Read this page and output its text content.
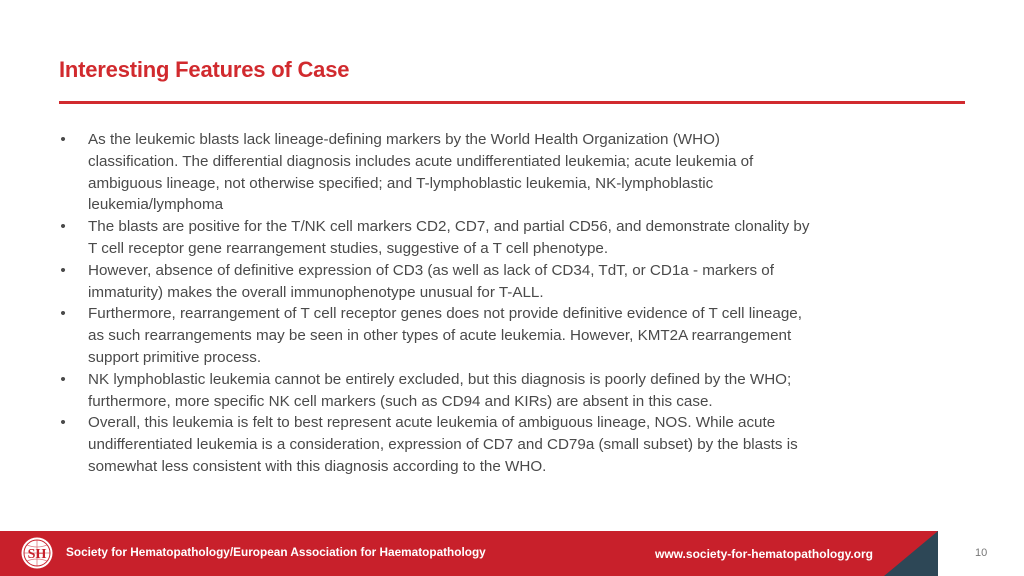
Interesting Features of Case
• As the leukemic blasts lack lineage-defining markers by the World Health Organization (WHO)
classification. The differential diagnosis includes acute undifferentiated leukemia; acute leukemia of
ambiguous lineage, not otherwise specified; and T-lymphoblastic leukemia, NK-lymphoblastic
leukemia/lymphoma
• The blasts are positive for the T/NK cell markers CD2, CD7, and partial CD56, and demonstrate clonality by
T cell receptor gene rearrangement studies, suggestive of a T cell phenotype.
• However, absence of definitive expression of CD3 (as well as lack of CD34, TdT, or CD1a - markers of
immaturity) makes the overall immunophenotype unusual for T-ALL.
• Furthermore, rearrangement of T cell receptor genes does not provide definitive evidence of T cell lineage,
as such rearrangements may be seen in other types of acute leukemia. However, KMT2A rearrangement
support primitive process.
• NK lymphoblastic leukemia cannot be entirely excluded, but this diagnosis is poorly defined by the WHO;
furthermore, more specific NK cell markers (such as CD94 and KIRs) are absent in this case.
• Overall, this leukemia is felt to best represent acute leukemia of ambiguous lineage, NOS. While acute
undifferentiated leukemia is a consideration, expression of CD7 and CD79a (small subset) by the blasts is
somewhat less consistent with this diagnosis according to the WHO.
SH Society for Hematopathology/European Association for Haematopathology	www.society-for-hematopathology.org	10
